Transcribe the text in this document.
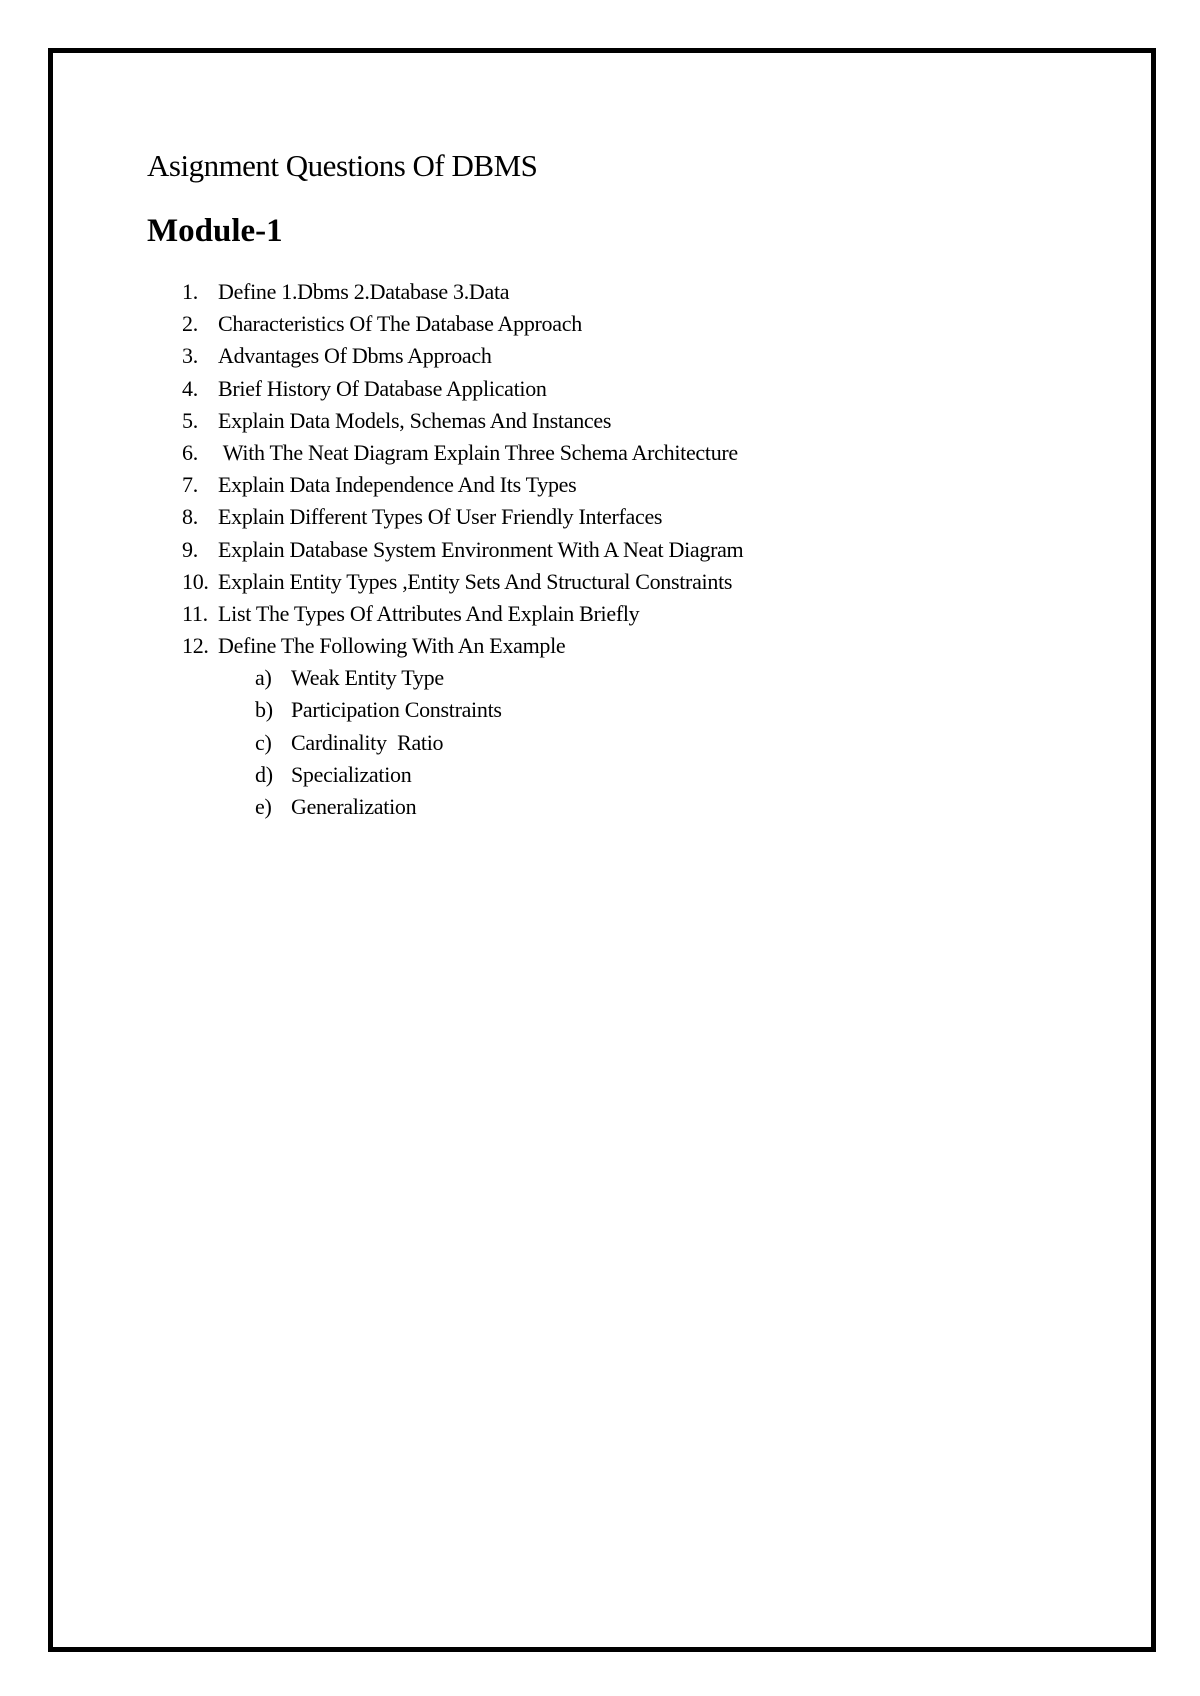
Asignment Questions Of DBMS
Module-1
1. Define 1.Dbms 2.Database 3.Data
2. Characteristics Of The Database Approach
3. Advantages Of Dbms Approach
4. Brief History Of Database Application
5. Explain Data Models, Schemas And Instances
6. With The Neat Diagram Explain Three Schema Architecture
7. Explain Data Independence And Its Types
8. Explain Different Types Of User Friendly Interfaces
9. Explain Database System Environment With A Neat Diagram
10. Explain Entity Types ,Entity Sets And Structural Constraints
11. List The Types Of Attributes And Explain Briefly
12. Define The Following With An Example
a) Weak Entity Type
b) Participation Constraints
c) Cardinality  Ratio
d) Specialization
e) Generalization
